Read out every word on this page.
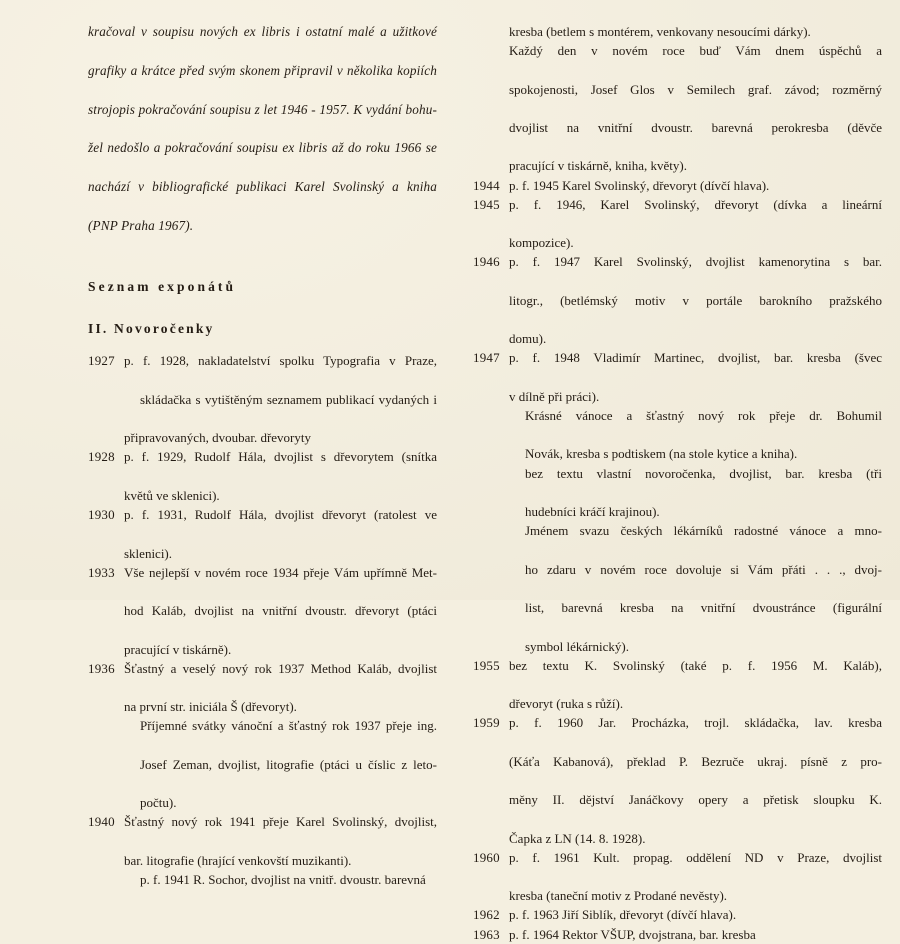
kračoval v soupisu nových ex libris i ostatní malé a užitkové
grafiky a krátce před svým skonem připravil v několika kopiích
strojopis pokračování soupisu z let 1946 - 1957. K vydání bohu-
žel nedošlo a pokračování soupisu ex libris až do roku 1966 se
nachází v bibliografické publikaci Karel Svolinský a kniha
(PNP Praha 1967).
Seznam exponátů
II. Novoročenky
1927 p. f. 1928, nakladatelství spolku Typografia v Praze,
skládačka s vytištěným seznamem publikací vydaných i
připravovaných, dvoubar. dřevoryty
1928 p. f. 1929, Rudolf Hála, dvojlist s dřevorytem (snítka
květů ve sklenici).
1930 p. f. 1931, Rudolf Hála, dvojlist dřevoryt (ratolest ve
sklenici).
1933 Vše nejlepší v novém roce 1934 přeje Vám upřímně Met-
hod Kaláb, dvojlist na vnitřní dvoustr. dřevoryt (ptáci
pracující v tiskárně).
1936 Šťastný a veselý nový rok 1937 Method Kaláb, dvojlist
na první str. iniciála Š (dřevoryt).
Příjemné svátky vánoční a šťastný rok 1937 přeje ing.
Josef Zeman, dvojlist, litografie (ptáci u číslic z leto-
počtu).
1940 Šťastný nový rok 1941 přeje Karel Svolinský, dvojlist,
bar. litografie (hrající venkovští muzikanti).
p. f. 1941 R. Sochor, dvojlist na vnitř. dvoustr. barevná
kresba (betlem s montérem, venkovany nesoucími dárky).
Každý den v novém roce buď Vám dnem úspěchů a
spokojenosti, Josef Glos v Semilech graf. závod; rozměrný
dvojlist na vnitřní dvoustr. barevná perokresba (děvče
pracující v tiskárně, kniha, květy).
1944 p. f. 1945 Karel Svolinský, dřevoryt (dívčí hlava).
1945 p. f. 1946, Karel Svolinský, dřevoryt (dívka a lineární
kompozice).
1946 p. f. 1947 Karel Svolinský, dvojlist kamenorytina s bar.
litogr., (betlémský motiv v portále barokního pražského
domu).
1947 p. f. 1948 Vladimír Martinec, dvojlist, bar. kresba (švec
v dílně při práci).
Krásné vánoce a šťastný nový rok přeje dr. Bohumil
Novák, kresba s podtiskem (na stole kytice a kniha).
bez textu vlastní novoročenka, dvojlist, bar. kresba (tři
hudebníci kráčí krajinou).
Jménem svazu českých lékárníků radostné vánoce a mno-
ho zdaru v novém roce dovoluje si Vám přáti . . ., dvoj-
list, barevná kresba na vnitřní dvoustránce (figurální
symbol lékárnický).
1955 bez textu K. Svolinský (také p. f. 1956 M. Kaláb),
dřevoryt (ruka s růží).
1959 p. f. 1960 Jar. Procházka, trojl. skládačka, lav. kresba
(Káťa Kabanová), překlad P. Bezruče ukraj. písně z pro-
měny II. dějství Janáčkovy opery a přetisk sloupku K.
Čapka z LN (14. 8. 1928).
1960 p. f. 1961 Kult. propag. oddělení ND v Praze, dvojlist
kresba (taneční motiv z Prodané nevěsty).
1962 p. f. 1963 Jiří Siblík, dřevoryt (dívčí hlava).
1963 p. f. 1964 Rektor VŠUP, dvojstrana, bar. kresba
